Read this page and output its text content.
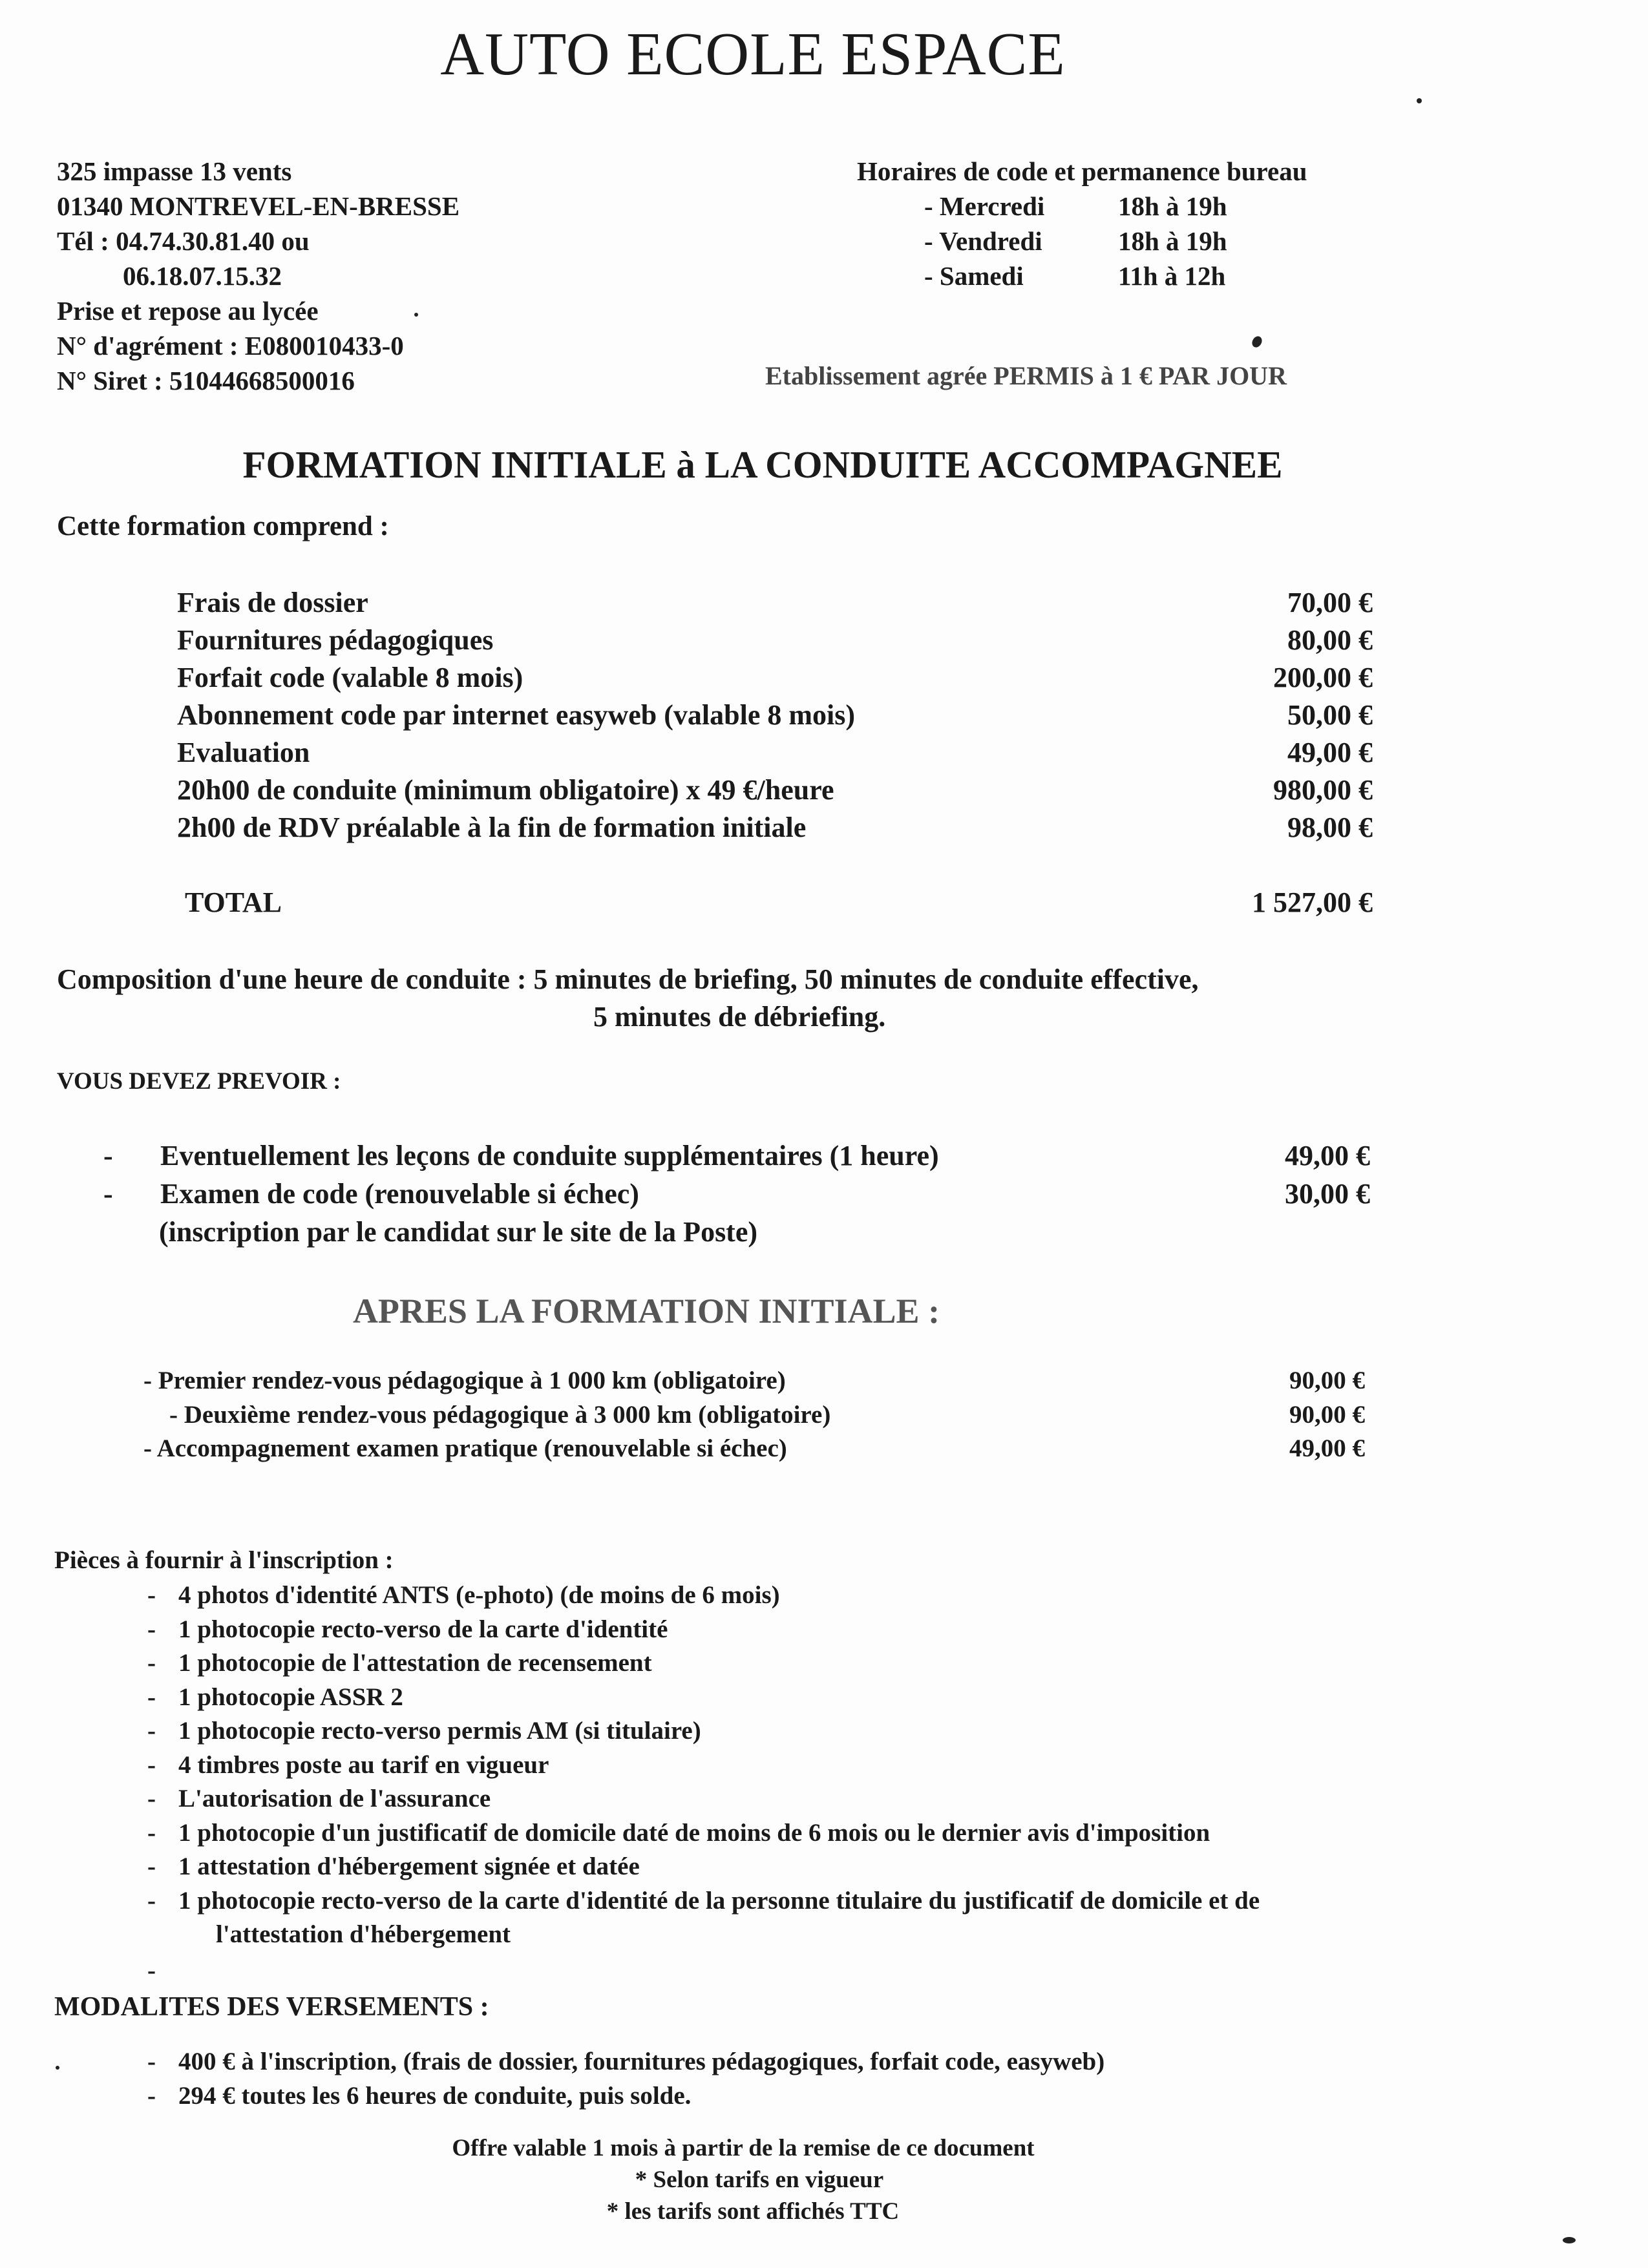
AUTO ECOLE ESPACE
325 impasse 13 vents
01340 MONTREVEL-EN-BRESSE
Tél : 04.74.30.81.40 ou
06.18.07.15.32
Prise et repose au lycée
N° d'agrément : E080010433-0
N° Siret : 51044668500016
Horaires de code et permanence bureau
- Mercredi	18h à 19h
- Vendredi	18h à 19h
- Samedi	11h à 12h
Etablissement agrée PERMIS à 1 € PAR JOUR
FORMATION INITIALE à LA CONDUITE ACCOMPAGNEE
Cette formation comprend :
Frais de dossier	70,00 €
Fournitures pédagogiques	80,00 €
Forfait code (valable 8 mois)	200,00 €
Abonnement code par internet easyweb (valable 8 mois)	50,00 €
Evaluation	49,00 €
20h00 de conduite (minimum obligatoire) x 49 €/heure	980,00 €
2h00 de RDV préalable à la fin de formation initiale	98,00 €
TOTAL	1 527,00 €
Composition d'une heure de conduite : 5 minutes de briefing, 50 minutes de conduite effective,
5 minutes de débriefing.
VOUS DEVEZ PREVOIR :
-	Eventuellement les leçons de conduite supplémentaires (1 heure)	49,00 €
-	Examen de code (renouvelable si échec)	30,00 €
(inscription par le candidat sur le site de la Poste)
APRES LA FORMATION INITIALE :
- Premier rendez-vous pédagogique à 1 000 km (obligatoire)	90,00 €
- Deuxième rendez-vous pédagogique à 3 000 km (obligatoire)	90,00 €
- Accompagnement examen pratique (renouvelable si échec)	49,00 €
Pièces à fournir à l'inscription :
- 4 photos d'identité ANTS (e-photo) (de moins de 6 mois)
- 1 photocopie recto-verso de la carte d'identité
- 1 photocopie de l'attestation de recensement
- 1 photocopie ASSR 2
- 1 photocopie recto-verso permis AM (si titulaire)
- 4 timbres poste au tarif en vigueur
- L'autorisation de l'assurance
- 1 photocopie d'un justificatif de domicile daté de moins de 6 mois ou le dernier avis d'imposition
- 1 attestation d'hébergement signée et datée
- 1 photocopie recto-verso de la carte d'identité de la personne titulaire du justificatif de domicile et de
l'attestation d'hébergement
-
MODALITES DES VERSEMENTS :
- 400 € à l'inscription, (frais de dossier, fournitures pédagogiques, forfait code, easyweb)
- 294 € toutes les 6 heures de conduite, puis solde.
Offre valable 1 mois à partir de la remise de ce document
* Selon tarifs en vigueur
* les tarifs sont affichés TTC
